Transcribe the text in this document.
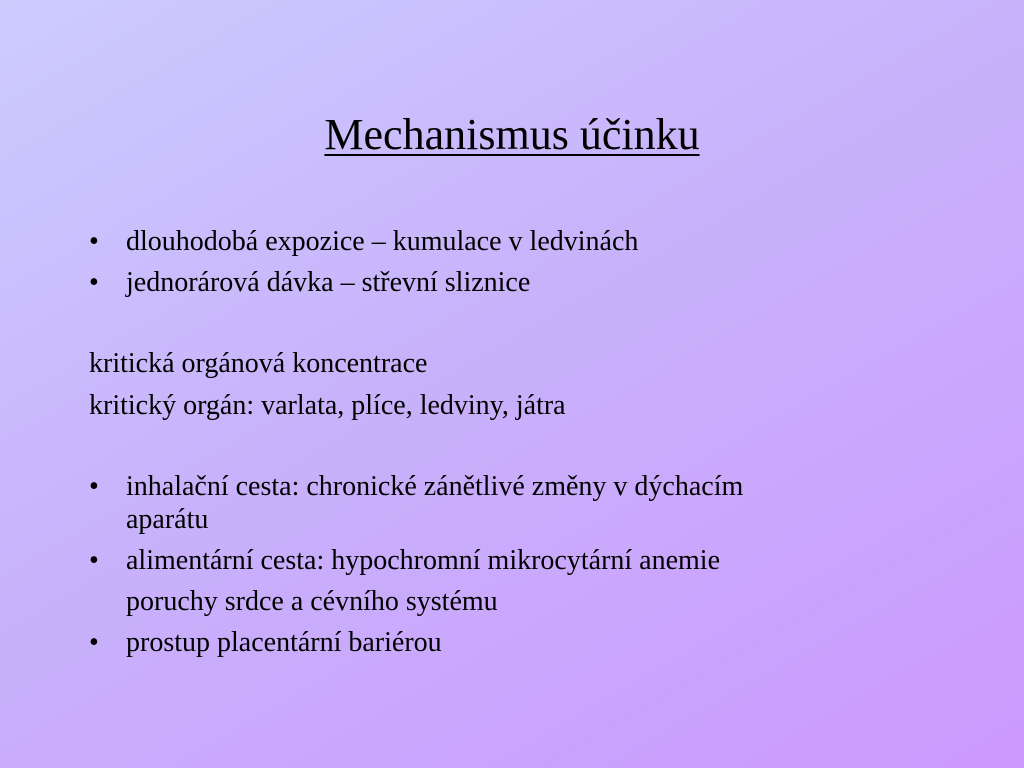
Mechanismus účinku
• dlouhodobá expozice – kumulace v ledvinách
• jednorárová dávka – střevní sliznice
kritická orgánová koncentrace
kritický orgán: varlata, plíce, ledviny, játra
• inhalační cesta: chronické zánětlivé změny v dýchacím
aparátu
• alimentární cesta: hypochromní mikrocytární anemie
poruchy srdce a cévního systému
• prostup placentární bariérou
